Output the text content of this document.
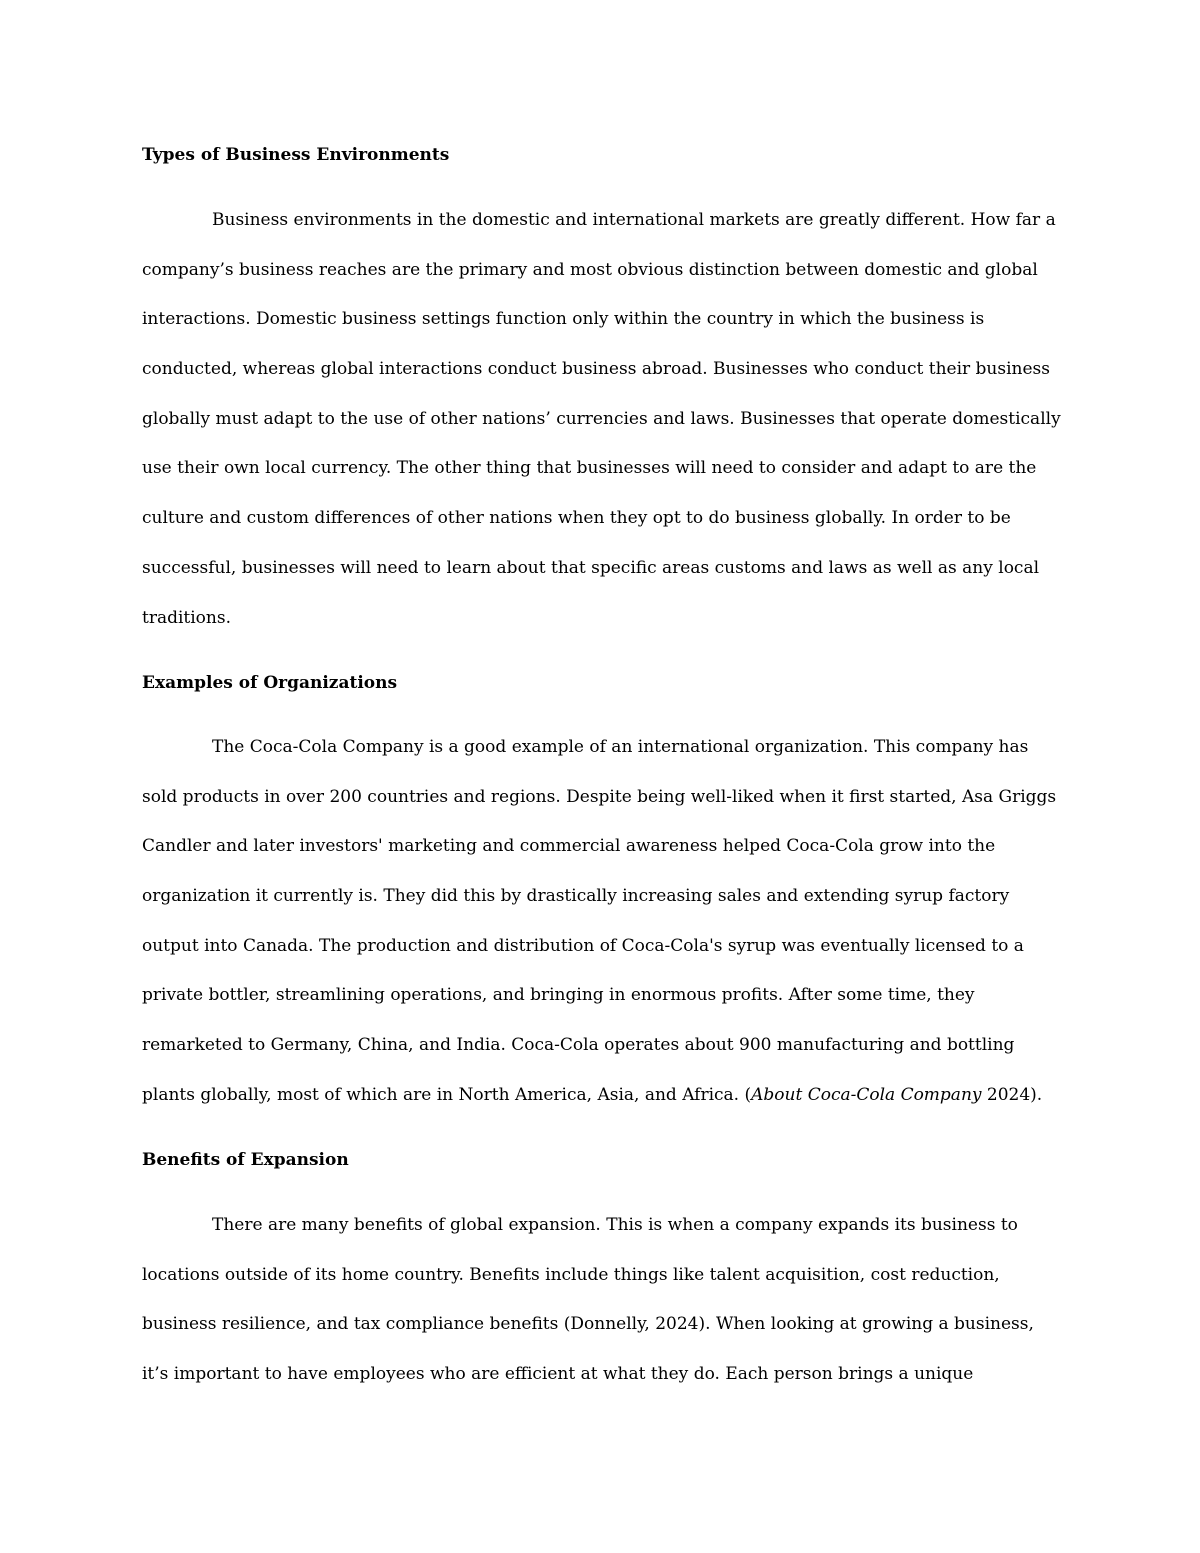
Types of Business Environments
Business environments in the domestic and international markets are greatly different. How far a
company’s business reaches are the primary and most obvious distinction between domestic and global
interactions. Domestic business settings function only within the country in which the business is
conducted, whereas global interactions conduct business abroad. Businesses who conduct their business
globally must adapt to the use of other nations’ currencies and laws. Businesses that operate domestically
use their own local currency. The other thing that businesses will need to consider and adapt to are the
culture and custom differences of other nations when they opt to do business globally. In order to be
successful, businesses will need to learn about that specific areas customs and laws as well as any local
traditions.
Examples of Organizations
The Coca-Cola Company is a good example of an international organization. This company has
sold products in over 200 countries and regions. Despite being well-liked when it first started, Asa Griggs
Candler and later investors' marketing and commercial awareness helped Coca-Cola grow into the
organization it currently is. They did this by drastically increasing sales and extending syrup factory
output into Canada. The production and distribution of Coca-Cola's syrup was eventually licensed to a
private bottler, streamlining operations, and bringing in enormous profits. After some time, they
remarketed to Germany, China, and India. Coca-Cola operates about 900 manufacturing and bottling
plants globally, most of which are in North America, Asia, and Africa. (About Coca-Cola Company 2024).
Benefits of Expansion
There are many benefits of global expansion. This is when a company expands its business to
locations outside of its home country. Benefits include things like talent acquisition, cost reduction,
business resilience, and tax compliance benefits (Donnelly, 2024). When looking at growing a business,
it’s important to have employees who are efficient at what they do. Each person brings a unique
